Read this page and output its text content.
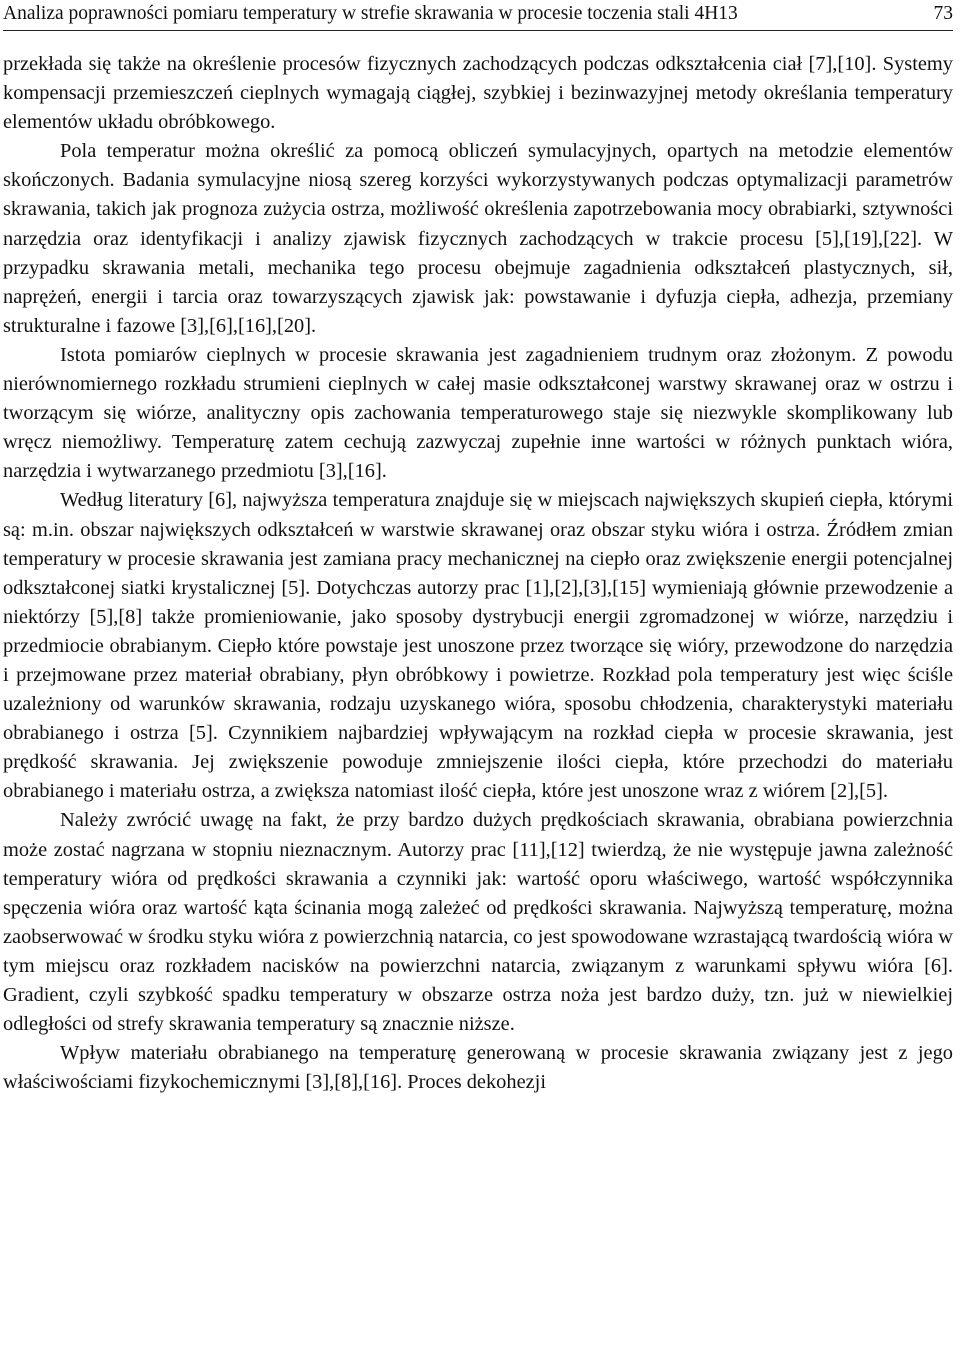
Analiza poprawności pomiaru temperatury w strefie skrawania w procesie toczenia stali 4H13	73

przekłada się także na określenie procesów fizycznych zachodzących podczas odkształcenia ciał [7],[10]. Systemy kompensacji przemieszczeń cieplnych wymagają ciągłej, szybkiej i bezinwazyjnej metody określania temperatury elementów układu obróbkowego.

Pola temperatur można określić za pomocą obliczeń symulacyjnych, opartych na metodzie elementów skończonych. Badania symulacyjne niosą szereg korzyści wykorzystywanych podczas optymalizacji parametrów skrawania, takich jak prognoza zużycia ostrza, możliwość określenia zapotrzebowania mocy obrabiarki, sztywności narzędzia oraz identyfikacji i analizy zjawisk fizycznych zachodzących w trakcie procesu [5],[19],[22]. W przypadku skrawania metali, mechanika tego procesu obejmuje zagadnienia odkształceń plastycznych, sił, naprężeń, energii i tarcia oraz towarzyszących zjawisk jak: powstawanie i dyfuzja ciepła, adhezja, przemiany strukturalne i fazowe [3],[6],[16],[20].

Istota pomiarów cieplnych w procesie skrawania jest zagadnieniem trudnym oraz złożonym. Z powodu nierównomiernego rozkładu strumieni cieplnych w całej masie odkształconej warstwy skrawanej oraz w ostrzu i tworzącym się wiórze, analityczny opis zachowania temperaturowego staje się niezwykle skomplikowany lub wręcz niemożliwy. Temperaturę zatem cechują zazwyczaj zupełnie inne wartości w różnych punktach wióra, narzędzia i wytwarzanego przedmiotu [3],[16].

Według literatury [6], najwyższa temperatura znajduje się w miejscach największych skupień ciepła, którymi są: m.in. obszar największych odkształceń w warstwie skrawanej oraz obszar styku wióra i ostrza. Źródłem zmian temperatury w procesie skrawania jest zamiana pracy mechanicznej na ciepło oraz zwiększenie energii potencjalnej odkształconej siatki krystalicznej [5]. Dotychczas autorzy prac [1],[2],[3],[15] wymieniają głównie przewodzenie a niektórzy [5],[8] także promieniowanie, jako sposoby dystrybucji energii zgromadzonej w wiórze, narzędziu i przedmiocie obrabianym. Ciepło które powstaje jest unoszone przez tworzące się wióry, przewodzone do narzędzia i przejmowane przez materiał obrabiany, płyn obróbkowy i powietrze. Rozkład pola temperatury jest więc ściśle uzależniony od warunków skrawania, rodzaju uzyskanego wióra, sposobu chłodzenia, charakterystyki materiału obrabianego i ostrza [5]. Czynnikiem najbardziej wpływającym na rozkład ciepła w procesie skrawania, jest prędkość skrawania. Jej zwiększenie powoduje zmniejszenie ilości ciepła, które przechodzi do materiału obrabianego i materiału ostrza, a zwiększa natomiast ilość ciepła, które jest unoszone wraz z wiórem [2],[5].

Należy zwrócić uwagę na fakt, że przy bardzo dużych prędkościach skrawania, obrabiana powierzchnia może zostać nagrzana w stopniu nieznacznym. Autorzy prac [11],[12] twierdzą, że nie występuje jawna zależność temperatury wióra od prędkości skrawania a czynniki jak: wartość oporu właściwego, wartość współczynnika spęczenia wióra oraz wartość kąta ścinania mogą zależeć od prędkości skrawania. Najwyższą temperaturę, można zaobserwować w środku styku wióra z powierzchnią natarcia, co jest spowodowane wzrastającą twardością wióra w tym miejscu oraz rozkładem nacisków na powierzchni natarcia, związanym z warunkami spływu wióra [6]. Gradient, czyli szybkość spadku temperatury w obszarze ostrza noża jest bardzo duży, tzn. już w niewielkiej odległości od strefy skrawania temperatury są znacznie niższe.

Wpływ materiału obrabianego na temperaturę generowaną w procesie skrawania związany jest z jego właściwościami fizykochemicznymi [3],[8],[16]. Proces dekohezji
